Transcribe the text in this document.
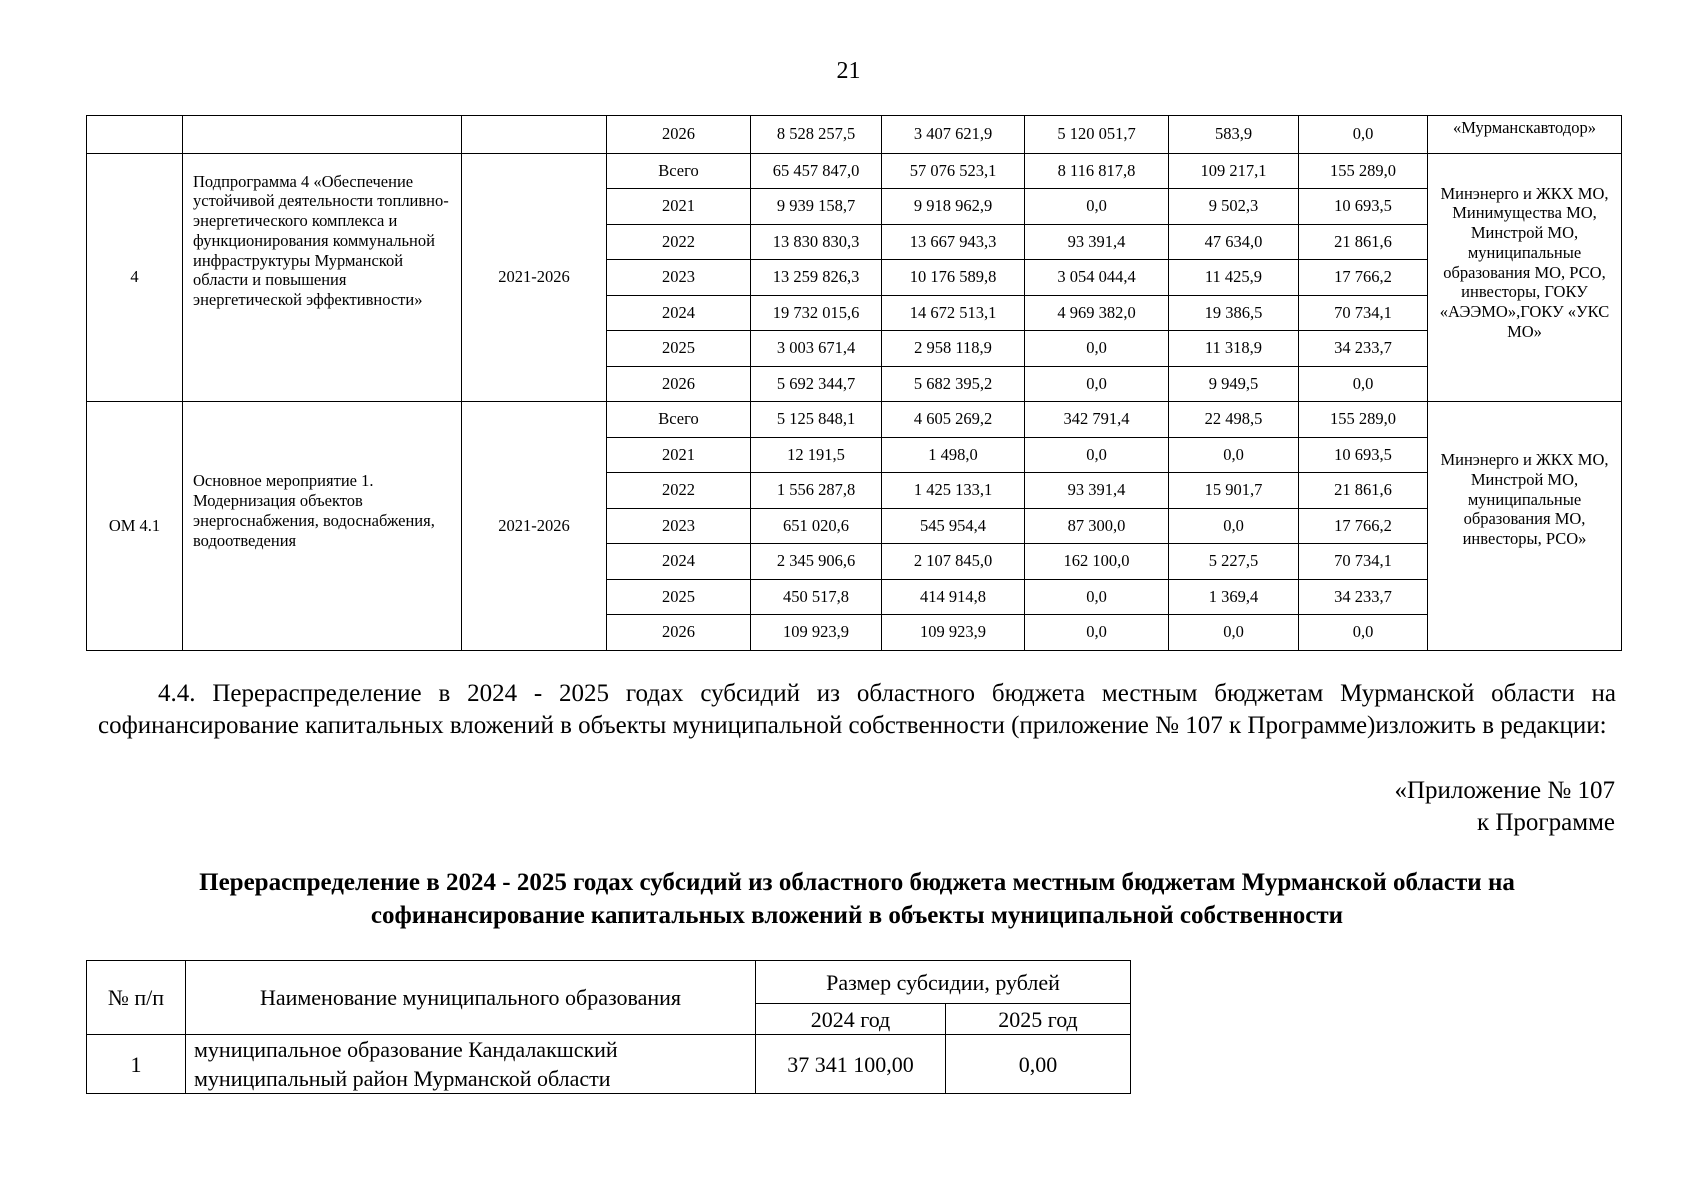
21
			2026	8 528 257,5	3 407 621,9	5 120 051,7	583,9	0,0	«Мурманскавтодор»
4	Подпрограмма 4 «Обеспечение устойчивой деятельности топливно-энергетического комплекса и функционирования коммунальной инфраструктуры Мурманской области и повышения энергетической эффективности»	2021-2026	Всего	65 457 847,0	57 076 523,1	8 116 817,8	109 217,1	155 289,0	Минэнерго и ЖКХ МО, Минимущества МО, Минстрой МО, муниципальные образования МО, РСО, инвесторы, ГОКУ «АЭЭМО»,ГОКУ «УКС МО»
			2021	9 939 158,7	9 918 962,9	0,0	9 502,3	10 693,5	
			2022	13 830 830,3	13 667 943,3	93 391,4	47 634,0	21 861,6	
			2023	13 259 826,3	10 176 589,8	3 054 044,4	11 425,9	17 766,2	
			2024	19 732 015,6	14 672 513,1	4 969 382,0	19 386,5	70 734,1	
			2025	3 003 671,4	2 958 118,9	0,0	11 318,9	34 233,7	
			2026	5 692 344,7	5 682 395,2	0,0	9 949,5	0,0	
ОМ 4.1	Основное мероприятие 1. Модернизация объектов энергоснабжения, водоснабжения, водоотведения	2021-2026	Всего	5 125 848,1	4 605 269,2	342 791,4	22 498,5	155 289,0	Минэнерго и ЖКХ МО, Минстрой МО, муниципальные образования МО, инвесторы, РСО»
			2021	12 191,5	1 498,0	0,0	0,0	10 693,5	
			2022	1 556 287,8	1 425 133,1	93 391,4	15 901,7	21 861,6	
			2023	651 020,6	545 954,4	87 300,0	0,0	17 766,2	
			2024	2 345 906,6	2 107 845,0	162 100,0	5 227,5	70 734,1	
			2025	450 517,8	414 914,8	0,0	1 369,4	34 233,7	
			2026	109 923,9	109 923,9	0,0	0,0	0,0	
4.4. Перераспределение в 2024 - 2025 годах субсидий из областного бюджета местным бюджетам Мурманской области на софинансирование капитальных вложений в объекты муниципальной собственности (приложение № 107 к Программе)изложить в редакции:
«Приложение № 107
к Программе
Перераспределение в 2024 - 2025 годах субсидий из областного бюджета местным бюджетам Мурманской области на
софинансирование капитальных вложений в объекты муниципальной собственности
№ п/п	Наименование муниципального образования	Размер субсидии, рублей	
		2024 год	2025 год
1	муниципальное образование Кандалакшский
муниципальный район Мурманской области	37 341 100,00	0,00
